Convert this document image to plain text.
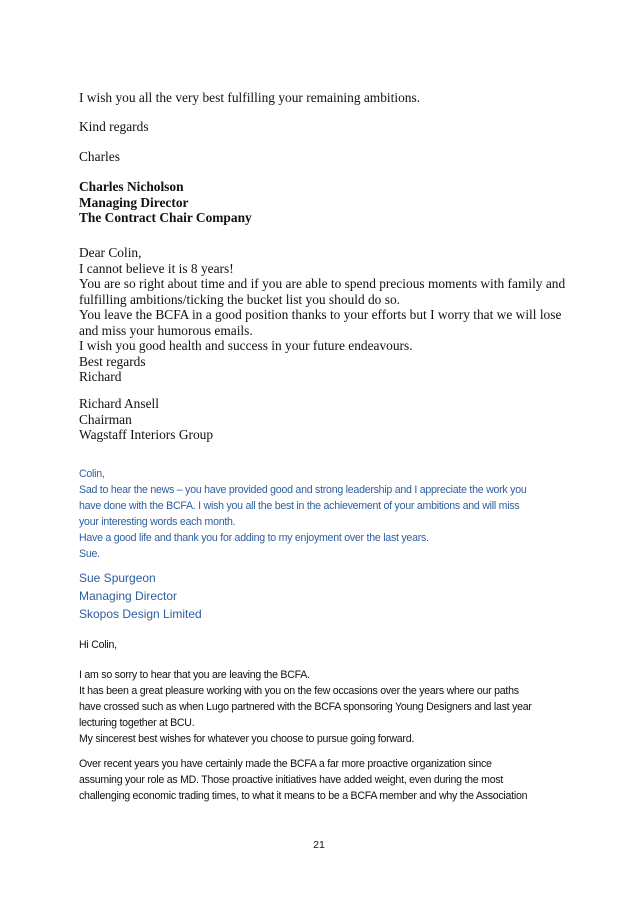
I wish you all the very best fulfilling your remaining ambitions.
Kind regards
Charles
Charles Nicholson
Managing Director
The Contract Chair Company
Dear Colin,
I cannot believe it is 8 years!
You are so right about time and if you are able to spend precious moments with family and
fulfilling ambitions/ticking the bucket list you should do so.
You leave the BCFA in a good position thanks to your efforts but I worry that we will lose
and miss your humorous emails.
I wish you good health and success in your future endeavours.
Best regards
Richard
Richard Ansell
Chairman
Wagstaff Interiors Group
Colin,
Sad to hear the news – you have provided good and strong leadership and I appreciate the work you
have done with the BCFA. I wish you all the best in the achievement of your ambitions and will miss
your interesting words each month.
Have a good life and thank you for adding to my enjoyment over the last years.
Sue.
Sue Spurgeon
Managing Director
Skopos Design Limited
Hi Colin,
I am so sorry to hear that you are leaving the BCFA.
It has been a great pleasure working with you on the few occasions over the years where our paths
have crossed such as when Lugo partnered with the BCFA sponsoring Young Designers and last year
lecturing together at BCU.
My sincerest best wishes for whatever you choose to pursue going forward.
Over recent years you have certainly made the BCFA a far more proactive organization since
assuming your role as MD. Those proactive initiatives have added weight, even during the most
challenging economic trading times, to what it means to be a BCFA member and why the Association
21
